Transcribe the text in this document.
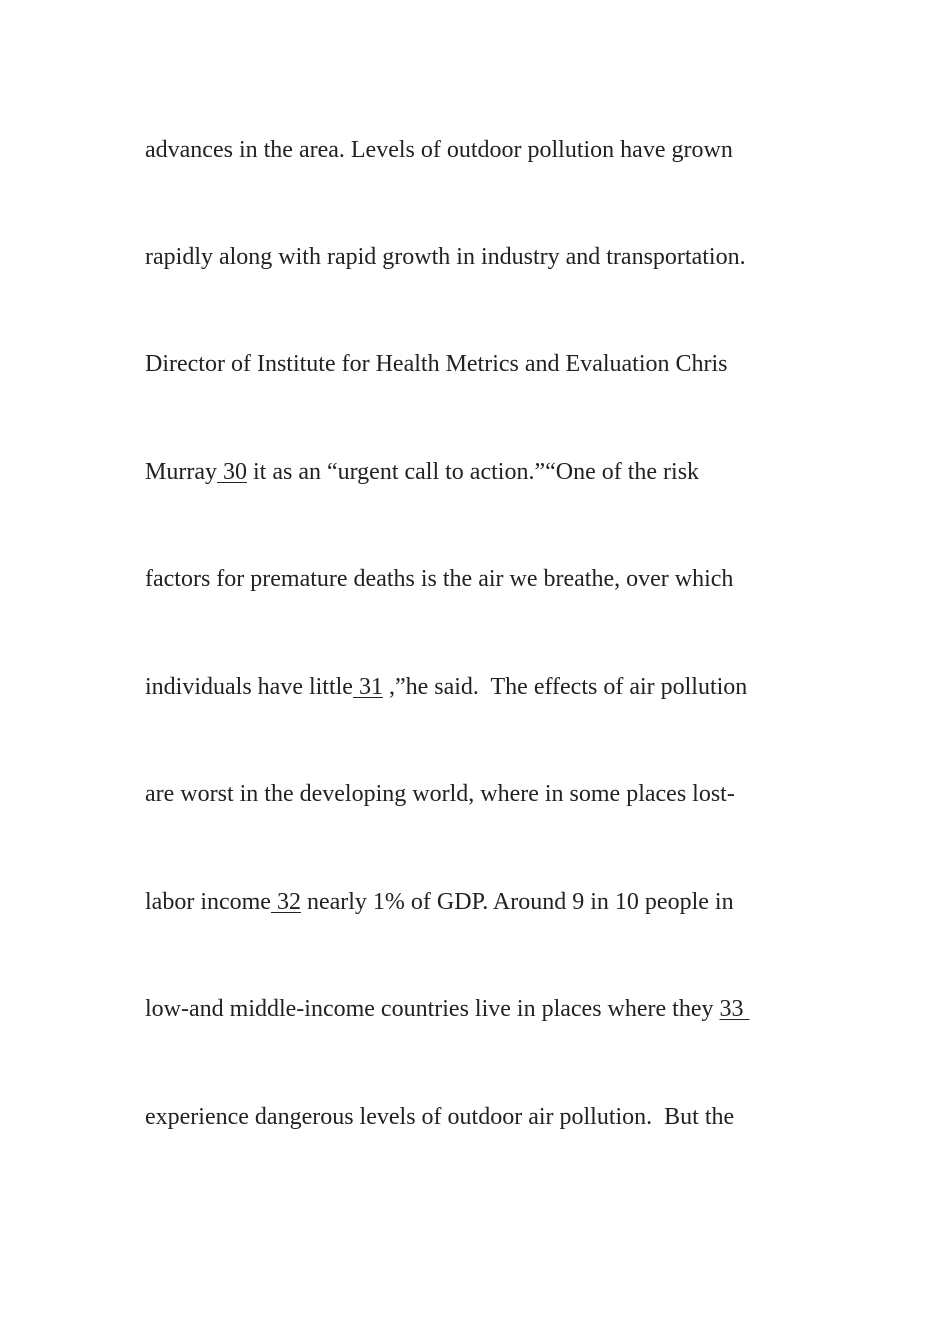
advances in the area. Levels of outdoor pollution have grown

rapidly along with rapid growth in industry and transportation.

Director of Institute for Health Metrics and Evaluation Chris

Murray 30 it as an “urgent call to action.”“One of the risk

factors for premature deaths is the air we breathe, over which

individuals have little 31 ,”he said.  The effects of air pollution

are worst in the developing world, where in some places lost-

labor income 32 nearly 1% of GDP. Around 9 in 10 people in

low-and middle-income countries live in places where they 33

experience dangerous levels of outdoor air pollution.  But the
